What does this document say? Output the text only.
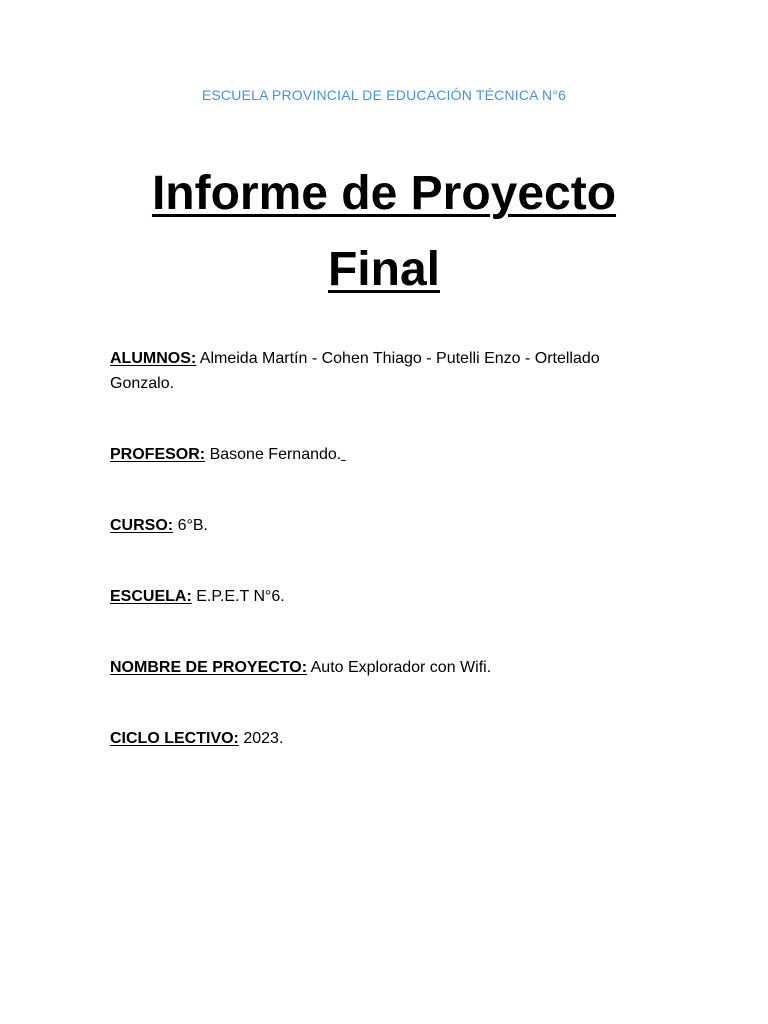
ESCUELA PROVINCIAL DE EDUCACIÓN TÉCNICA N°6
Informe de Proyecto
Final
ALUMNOS: Almeida Martín - Cohen Thiago - Putelli Enzo - Ortellado Gonzalo.
PROFESOR: Basone Fernando.
CURSO: 6°B.
ESCUELA: E.P.E.T N°6.
NOMBRE DE PROYECTO: Auto Explorador con Wifi.
CICLO LECTIVO: 2023.
